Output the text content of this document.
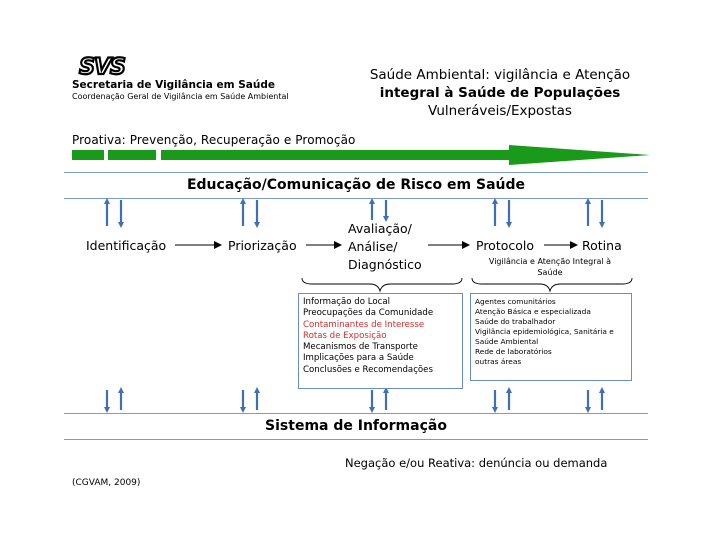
SVS
Secretaria de Vigilância em Saúde
Coordenação Geral de Vigilância em Saúde Ambiental
Saúde Ambiental: vigilância e Atenção
integral à Saúde de Populações
Vulneráveis/Expostas
Proativa: Prevenção, Recuperação e Promoção
Educação/Comunicação de Risco em Saúde
Sistema de Informação
Identificação	Priorização
Avaliação/
Análise/
Diagnóstico
Protocolo	Rotina
Vigilância e Atenção Integral à
Saúde
Informação do Local
Preocupações da Comunidade
Contaminantes de Interesse
Rotas de Exposição
Mecanismos de Transporte
Implicações para a Saúde
Conclusões e Recomendações
Agentes comunitários
Atenção Básica e especializada
Saúde do trabalhador
Vigilância epidemiológica, Sanitária e
Saúde Ambiental
Rede de laboratórios
outras áreas
Negação e/ou Reativa: denúncia ou demanda
(CGVAM, 2009)
